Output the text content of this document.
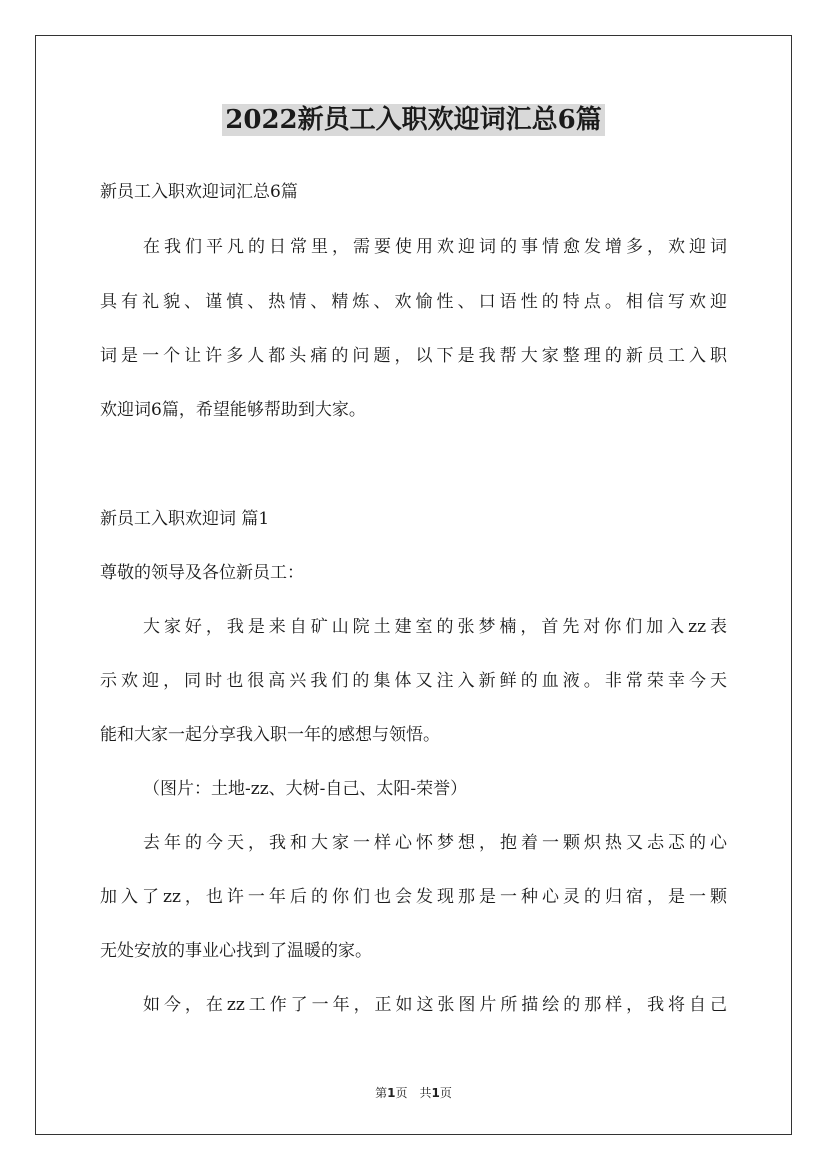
2022新员工入职欢迎词汇总6篇
新员工入职欢迎词汇总6篇
在我们平凡的日常里，需要使用欢迎词的事情愈发增多，欢迎词
具有礼貌、谨慎、热情、精炼、欢愉性、口语性的特点。相信写欢迎
词是一个让许多人都头痛的问题，以下是我帮大家整理的新员工入职
欢迎词6篇，希望能够帮助到大家。
新员工入职欢迎词 篇1
尊敬的领导及各位新员工：
大家好，我是来自矿山院土建室的张梦楠，首先对你们加入zz表
示欢迎，同时也很高兴我们的集体又注入新鲜的血液。非常荣幸今天
能和大家一起分享我入职一年的感想与领悟。
（图片：土地-zz、大树-自己、太阳-荣誉）
去年的今天，我和大家一样心怀梦想，抱着一颗炽热又忐忑的心
加入了zz，也许一年后的你们也会发现那是一种心灵的归宿，是一颗
无处安放的事业心找到了温暖的家。
如今，在zz工作了一年，正如这张图片所描绘的那样，我将自己
第1页　共1页
